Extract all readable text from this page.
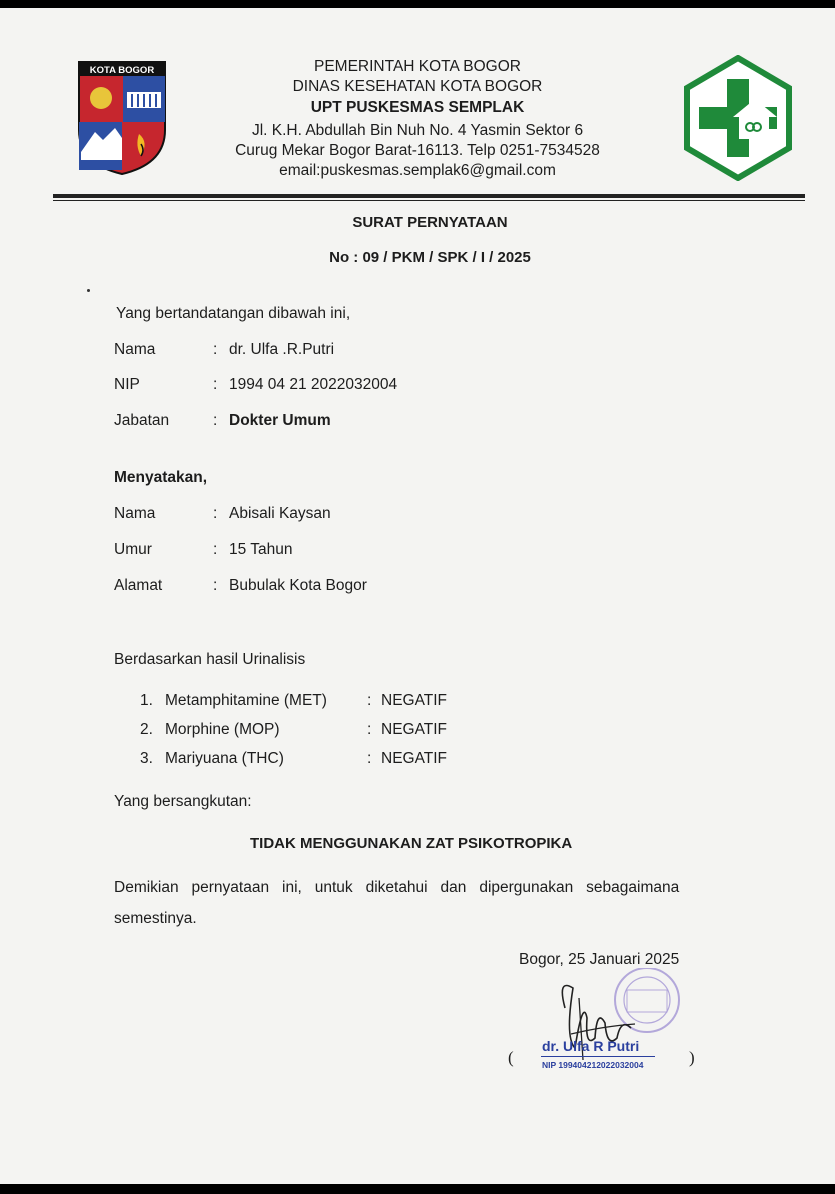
KOTA BOGOR	PEMERINTAH KOTA BOGOR
DINAS KESEHATAN KOTA BOGOR
UPT PUSKESMAS SEMPLAK
Jl. K.H. Abdullah Bin Nuh No. 4 Yasmin Sektor 6
Curug Mekar Bogor Barat-16113. Telp 0251-7534528
email:puskesmas.semplak6@gmail.com
SURAT PERNYATAAN
No : 09 / PKM / SPK / I / 2025
Yang bertandatangan dibawah ini,
Nama	: dr. Ulfa .R.Putri
NIP	: 1994 04 21 2022032004
Jabatan	: Dokter Umum
Menyatakan,
Nama	: Abisali Kaysan
Umur	: 15 Tahun
Alamat	: Bubulak Kota Bogor
Berdasarkan hasil Urinalisis
1. Metamphitamine (MET)	: NEGATIF
2. Morphine (MOP)	: NEGATIF
3. Mariyuana (THC)	: NEGATIF
Yang bersangkutan:
TIDAK MENGGUNAKAN ZAT PSIKOTROPIKA
Demikian   pernyataan   ini,   untuk   diketahui   dan   dipergunakan   sebagaimana
semestinya.
Bogor, 25 Januari 2025
(
dr. Ulfa R Putri
NIP 199404212022032004	)
